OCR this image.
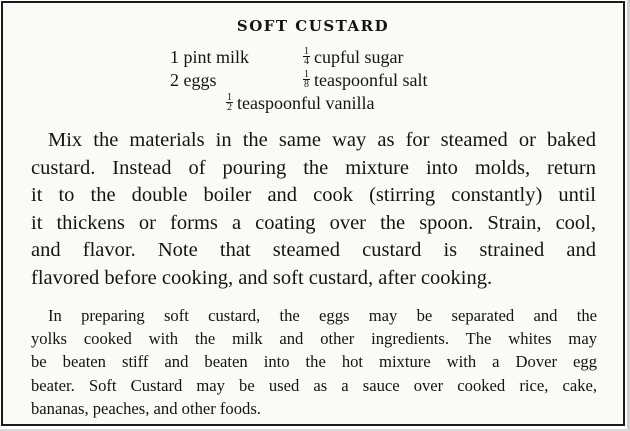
SOFT CUSTARD
1 pint milk	$\frac{1}{4}$ cupful sugar
2 eggs	$\frac{1}{8}$ teaspoonful salt
$\frac{1}{2}$ teaspoonful vanilla

Mix the materials in the same way as for steamed or baked
custard. Instead of pouring the mixture into molds, return
it to the double boiler and cook (stirring constantly) until
it thickens or forms a coating over the spoon. Strain, cool,
and flavor. Note that steamed custard is strained and
flavored before cooking, and soft custard, after cooking.

In preparing soft custard, the eggs may be separated and the
yolks cooked with the milk and other ingredients. The whites may
be beaten stiff and beaten into the hot mixture with a Dover egg
beater. Soft Custard may be used as a sauce over cooked rice, cake,
bananas, peaches, and other foods.
